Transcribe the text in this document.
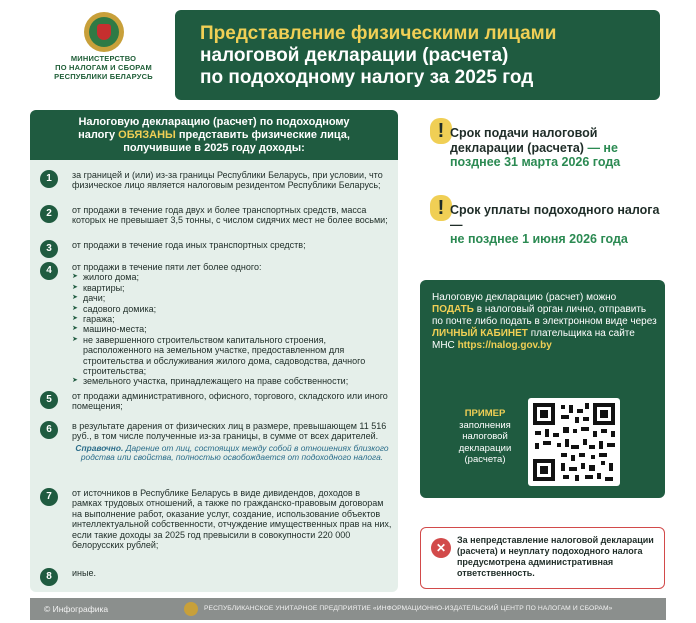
МИНИСТЕРСТВО
ПО НАЛОГАМ И СБОРАМ
РЕСПУБЛИКИ БЕЛАРУСЬ
Представление физическими лицами
налоговой декларации (расчета)
по подоходному налогу за 2025 год
Налоговую декларацию (расчет) по подоходному
налогу ОБЯЗАНЫ представить физические лица,
получившие в 2025 году доходы:
1	за границей и (или) из-за границы Республики Беларусь, при условии, что физическое лицо является налоговым резидентом Республики Беларусь;
2	от продажи в течение года двух и более транспортных средств, масса которых не превышает 3,5 тонны, с числом сидячих мест не более восьми;
3	от продажи в течение года иных транспортных средств;
4	от продажи в течение пяти лет более одного:
➤ жилого дома;
➤ квартиры;
➤ дачи;
➤ садового домика;
➤ гаража;
➤ машино-места;
➤ не завершенного строительством капитального строения, расположенного на земельном участке, предоставленном для строительства и обслуживания жилого дома, садоводства, дачного строительства;
➤ земельного участка, принадлежащего на праве собственности;
5	от продажи административного, офисного, торгового, складского или иного помещения;
6	в результате дарения от физических лиц в размере, превышающем 11 516 руб., в том числе полученные из-за границы, в сумме от всех дарителей.
Справочно. Дарение от лиц, состоящих между собой в отношениях близкого родства или свойства, полностью освобождается от подоходного налога.
7	от источников в Республике Беларусь в виде дивидендов, доходов в рамках трудовых отношений, а также по гражданско-правовым договорам на выполнение работ, оказание услуг, создание, использование объектов интеллектуальной собственности, отчуждение имущественных прав на них, если такие доходы за 2025 год превысили в совокупности 220 000 белорусских рублей;
8	иные.
! Срок подачи налоговой декларации (расчета) — не позднее 31 марта 2026 года
! Срок уплаты подоходного налога —
не позднее 1 июня 2026 года
Налоговую декларацию (расчет) можно ПОДАТЬ в налоговый орган лично, отправить по почте либо подать в электронном виде через ЛИЧНЫЙ КАБИНЕТ плательщика на сайте МНС https://nalog.gov.by
ПРИМЕР
заполнения налоговой декларации (расчета)
✕
За непредставление налоговой декларации (расчета) и неуплату подоходного налога предусмотрена административная ответственность.
© Инфографика	РЕСПУБЛИКАНСКОЕ УНИТАРНОЕ ПРЕДПРИЯТИЕ «ИНФОРМАЦИОННО-ИЗДАТЕЛЬСКИЙ ЦЕНТР ПО НАЛОГАМ И СБОРАМ»
